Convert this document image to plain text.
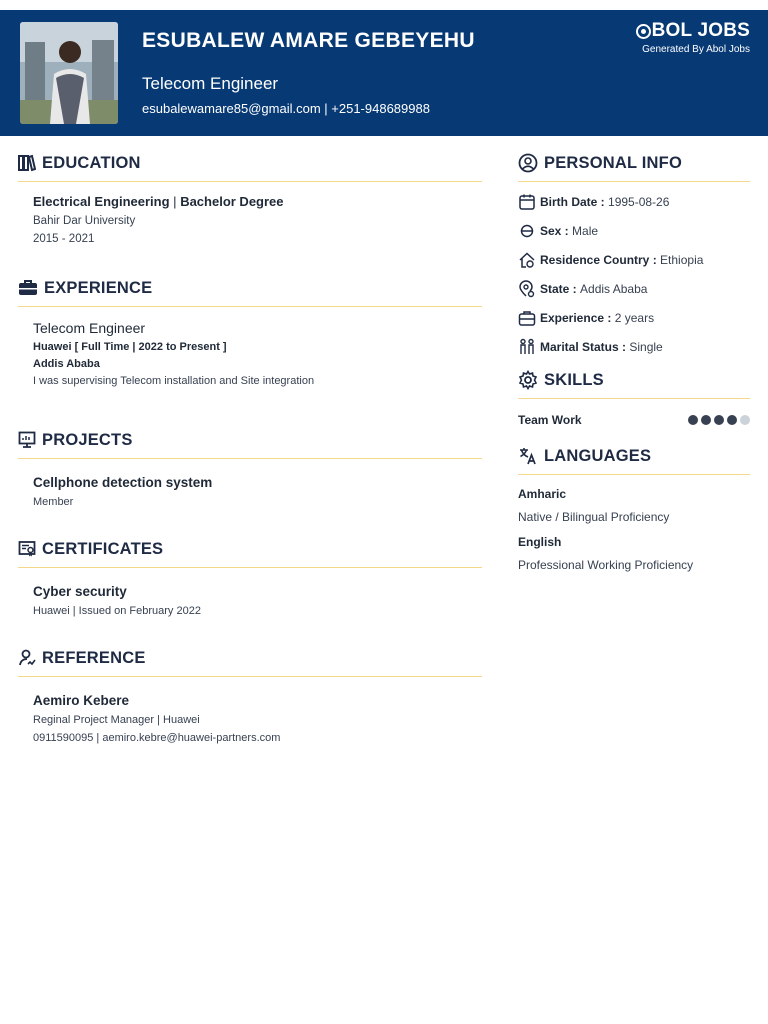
ESUBALEW AMARE GEBEYEHU
Telecom Engineer
esubalewamare85@gmail.com | +251-948689988
BOL JOBS
Generated By Abol Jobs
EDUCATION
Electrical Engineering | Bachelor Degree
Bahir Dar University
2015 - 2021
EXPERIENCE
Telecom Engineer
Huawei [ Full Time | 2022 to Present ]
Addis Ababa
I was supervising Telecom installation and Site integration
PROJECTS
Cellphone detection system
Member
CERTIFICATES
Cyber security
Huawei | Issued on February 2022
REFERENCE
Aemiro Kebere
Reginal Project Manager | Huawei
0911590095 | aemiro.kebre@huawei-partners.com
PERSONAL INFO
Birth Date :
1995-08-26
Sex :
Male
Residence Country :
Ethiopia
State :
Addis Ababa
Experience :
2 years
Marital Status :
Single
SKILLS
Team Work
LANGUAGES
Amharic
Native / Bilingual Proficiency
English
Professional Working Proficiency
